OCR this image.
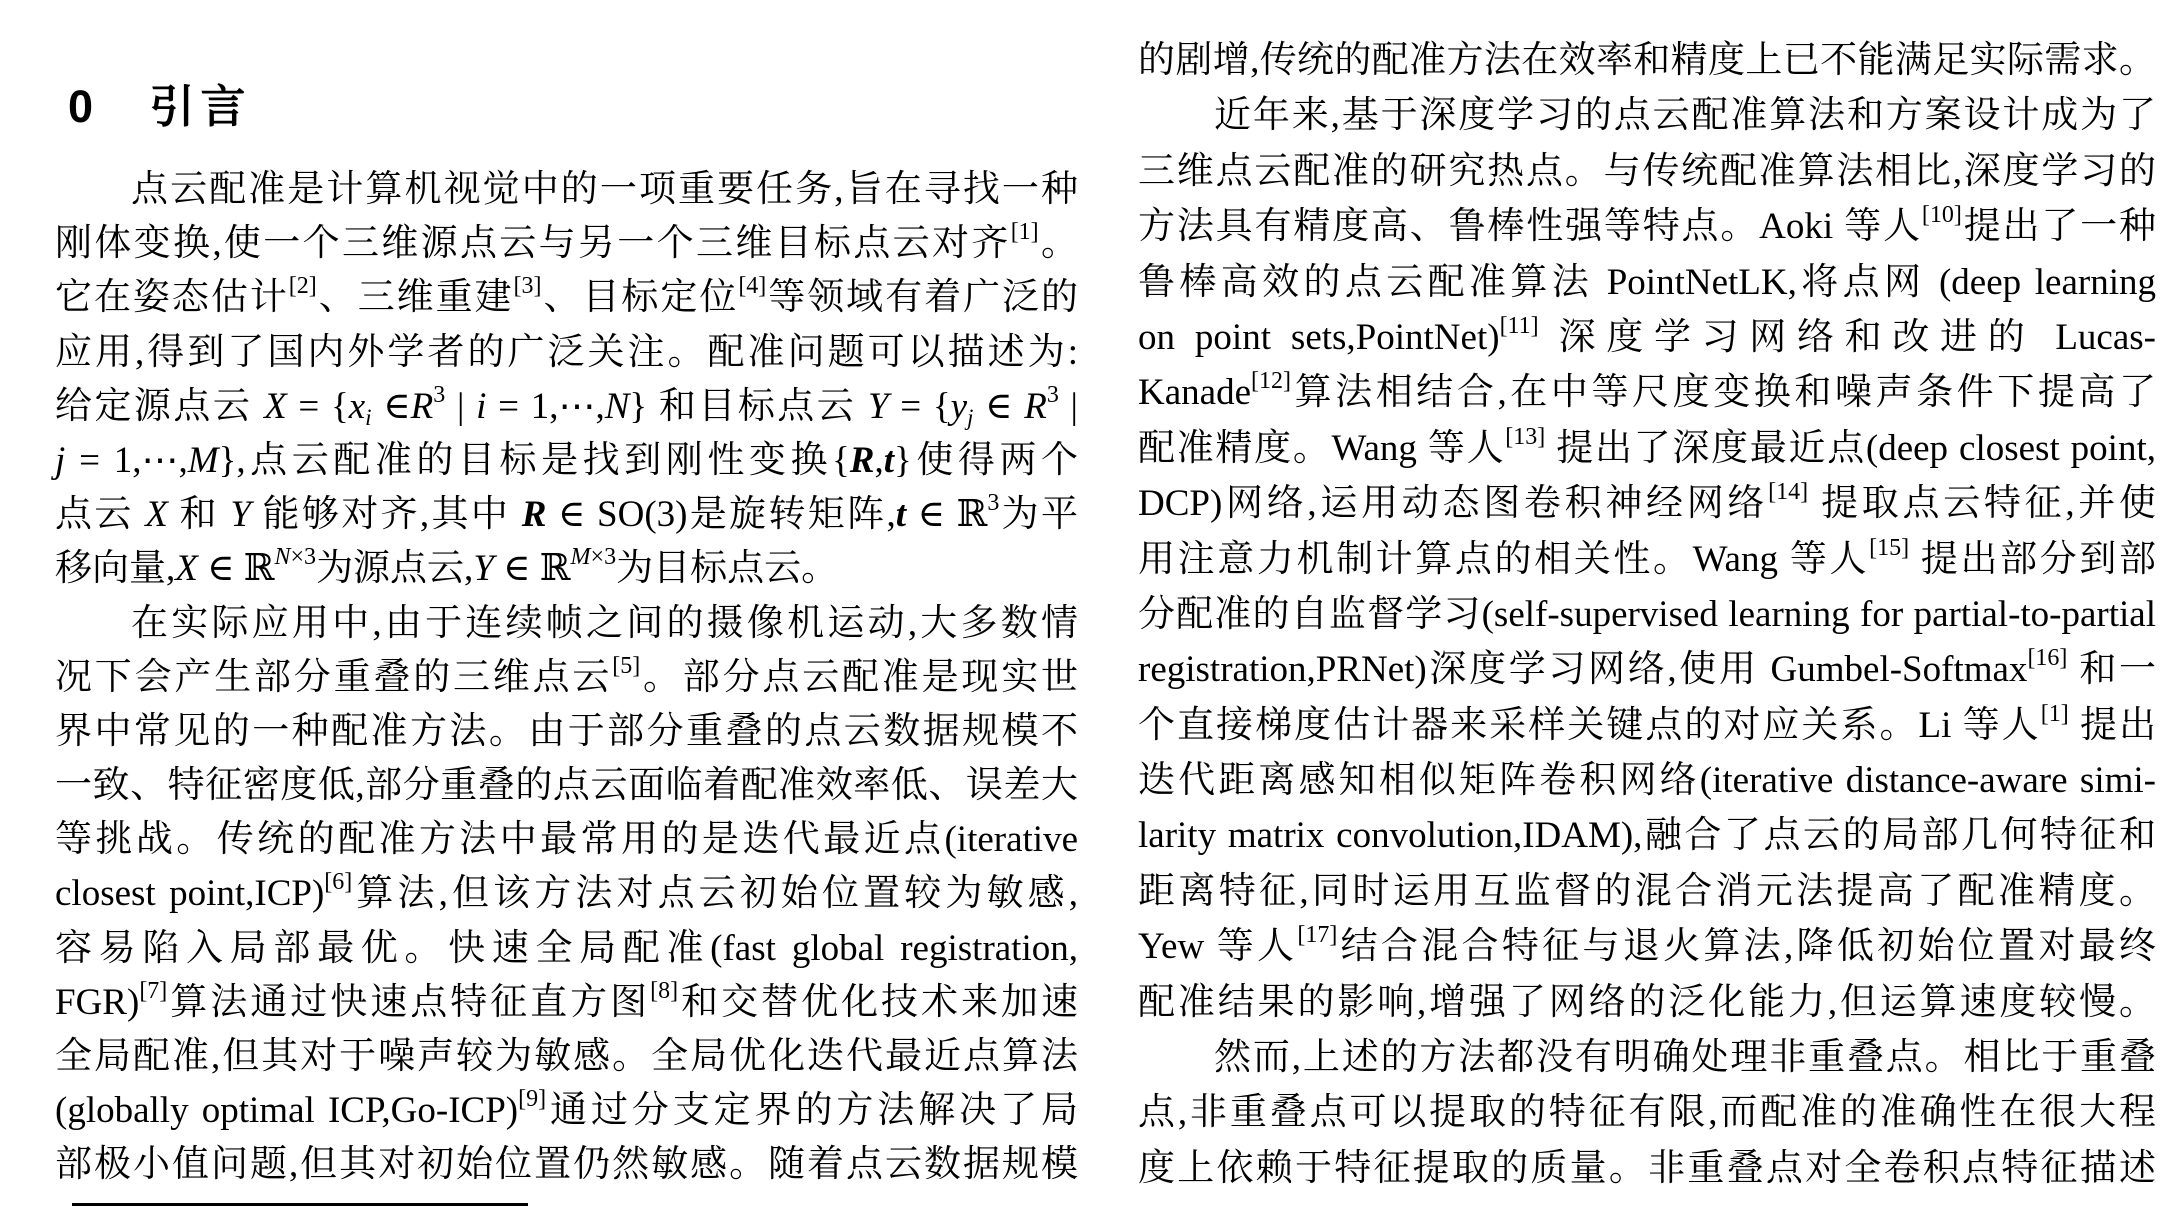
0 引言
点云配准是计算机视觉中的一项重要任务,旨在寻找一种
刚体变换,使一个三维源点云与另一个三维目标点云对齐[1]。
它在姿态估计[2]、三维重建[3]、目标定位[4]等领域有着广泛的
应用,得到了国内外学者的广泛关注。配准问题可以描述为:
给定源点云 X = {xi $\in R^3$ | i = 1,⋯,N} 和目标点云 Y = {yj ∈ $R^3$ |
j = 1,⋯,M},点云配准的目标是找到刚性变换{R,t}使得两个
点云 X 和 Y 能够对齐,其中 R ∈ SO(3)是旋转矩阵,t ∈ ℝ$^3$为平
移向量,X ∈ ℝ$^{N\times 3}$为源点云,Y ∈ ℝ$^{M\times 3}$为目标点云。
在实际应用中,由于连续帧之间的摄像机运动,大多数情
况下会产生部分重叠的三维点云[5]。部分点云配准是现实世
界中常见的一种配准方法。由于部分重叠的点云数据规模不
一致、特征密度低,部分重叠的点云面临着配准效率低、误差大
等挑战。传统的配准方法中最常用的是迭代最近点(iterative
closest point,ICP)[6]算法,但该方法对点云初始位置较为敏感,
容易陷入局部最优。快速全局配准(fast global registration,
FGR)[7]算法通过快速点特征直方图[8]和交替优化技术来加速
全局配准,但其对于噪声较为敏感。全局优化迭代最近点算法
(globally optimal ICP,Go-ICP)[9]通过分支定界的方法解决了局
部极小值问题,但其对初始位置仍然敏感。随着点云数据规模
的剧增,传统的配准方法在效率和精度上已不能满足实际需求。
近年来,基于深度学习的点云配准算法和方案设计成为了
三维点云配准的研究热点。与传统配准算法相比,深度学习的
方法具有精度高、鲁棒性强等特点。Aoki 等人[10]提出了一种
鲁棒高效的点云配准算法 PointNetLK,将点网 (deep learning
on point sets,PointNet)[11] 深度学习网络和改进的 Lucas-
Kanade[12]算法相结合,在中等尺度变换和噪声条件下提高了
配准精度。Wang 等人[13] 提出了深度最近点(deep closest point,
DCP)网络,运用动态图卷积神经网络[14] 提取点云特征,并使
用注意力机制计算点的相关性。Wang 等人[15] 提出部分到部
分配准的自监督学习(self-supervised learning for partial-to-partial
registration,PRNet)深度学习网络,使用 Gumbel-Softmax[16] 和一
个直接梯度估计器来采样关键点的对应关系。Li 等人[1] 提出
迭代距离感知相似矩阵卷积网络(iterative distance-aware simi-
larity matrix convolution,IDAM),融合了点云的局部几何特征和
距离特征,同时运用互监督的混合消元法提高了配准精度。
Yew 等人[17]结合混合特征与退火算法,降低初始位置对最终
配准结果的影响,增强了网络的泛化能力,但运算速度较慢。
然而,上述的方法都没有明确处理非重叠点。相比于重叠
点,非重叠点可以提取的特征有限,而配准的准确性在很大程
度上依赖于特征提取的质量。非重叠点对全卷积点特征描述
